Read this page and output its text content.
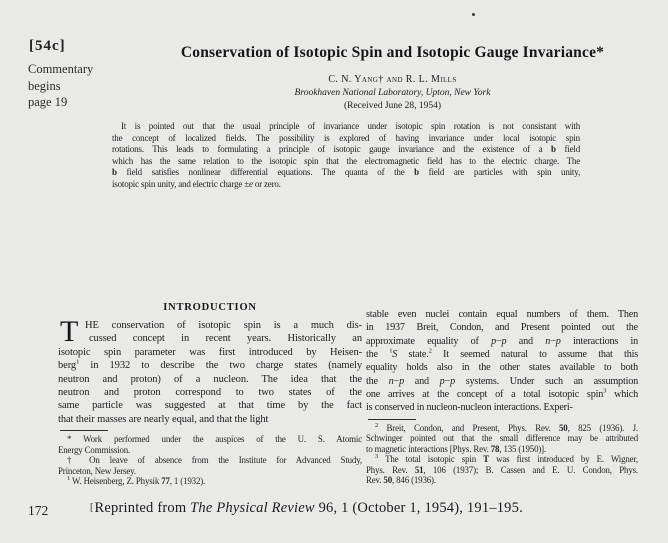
[54c]
Commentary
begins
page 19
Conservation of Isotopic Spin and Isotopic Gauge Invariance*
C. N. Yang† and R. L. Mills
Brookhaven National Laboratory, Upton, New York
(Received June 28, 1954)
It is pointed out that the usual principle of invariance under isotopic spin rotation is not consistant with
the concept of localized fields. The possibility is explored of having invariance under local isotopic spin
rotations. This leads to formulating a principle of isotopic gauge invariance and the existence of a b field
which has the same relation to the isotopic spin that the electromagnetic field has to the electric charge. The
b field satisfies nonlinear differential equations. The quanta of the b field are particles with spin unity,
isotopic spin unity, and electric charge ±e or zero.
INTRODUCTION
T HE conservation of isotopic spin is a much dis-
cussed concept in recent years. Historically an
isotopic spin parameter was first introduced by Heisen-
berg$^1$ in 1932 to describe the two charge states (namely
neutron and proton) of a nucleon. The idea that the
neutron and proton correspond to two states of the
same particle was suggested at that time by the fact
that their masses are nearly equal, and that the light
* Work performed under the auspices of the U. S. Atomic
Energy Commission.
† On leave of absence from the Institute for Advanced Study,
Princeton, New Jersey.
$^1$ W. Heisenberg, Z. Physik 77, 1 (1932).
stable even nuclei contain equal numbers of them. Then
in 1937 Breit, Condon, and Present pointed out the
approximate equality of p−p and n−p interactions in
the $^1$S state.$^2$ It seemed natural to assume that this
equality holds also in the other states available to both
the n−p and p−p systems. Under such an assumption
one arrives at the concept of a total isotopic spin$^3$ which
is conserved in nucleon-nucleon interactions. Experi-
$^2$ Breit, Condon, and Present, Phys. Rev. 50, 825 (1936). J.
Schwinger pointed out that the small difference may be attributed
to magnetic interactions [Phys. Rev. 78, 135 (1950)].
$^3$ The total isotopic spin T was first introduced by E. Wigner,
Phys. Rev. 51, 106 (1937); B. Cassen and E. U. Condon, Phys.
Rev. 50, 846 (1936).
172	[Reprinted from The Physical Review 96, 1 (October 1, 1954), 191–195.
